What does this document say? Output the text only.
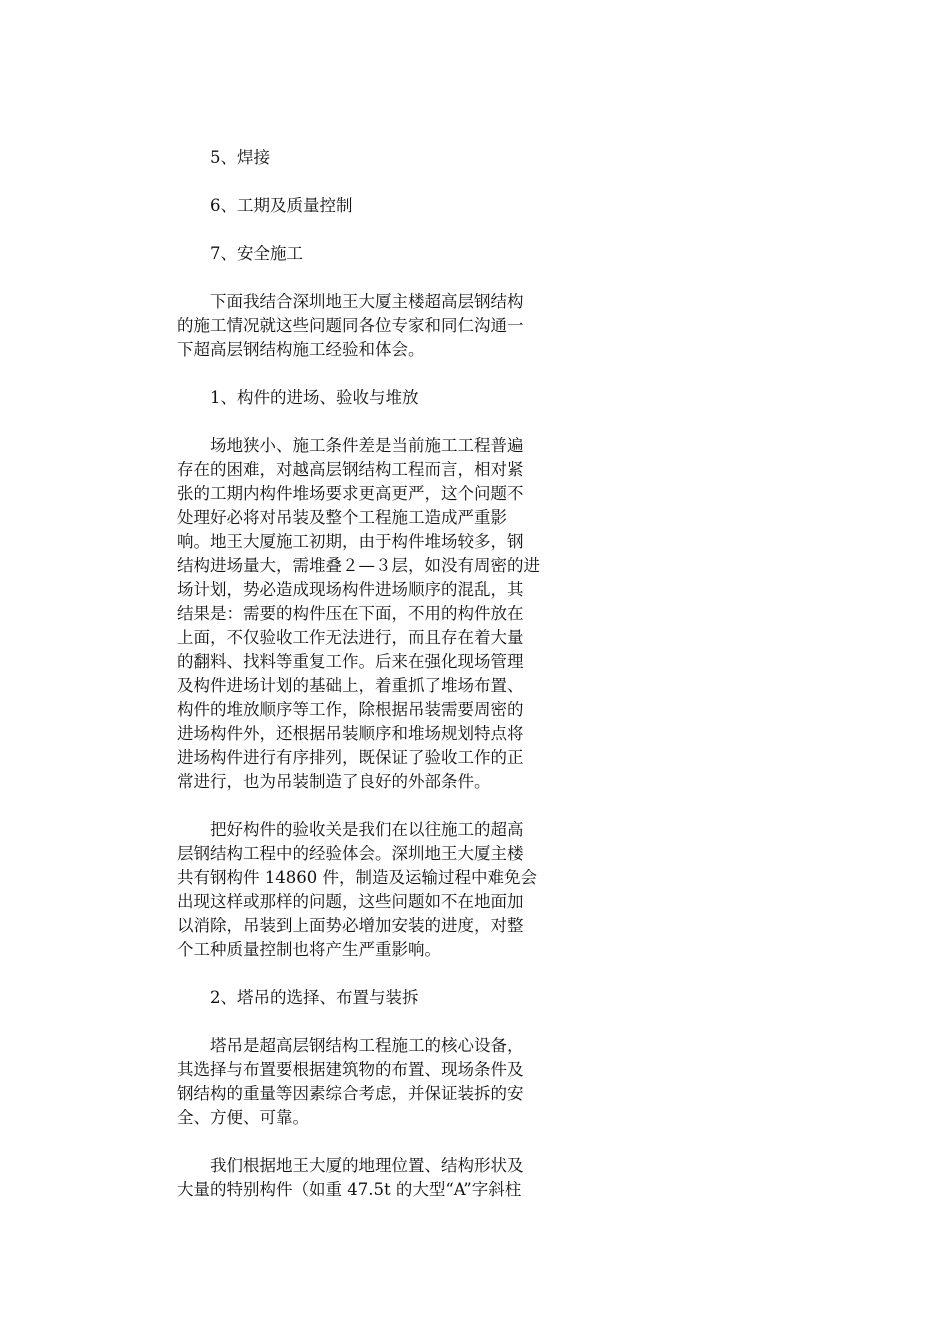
5、焊接

6、工期及质量控制

7、安全施工

下面我结合深圳地王大厦主楼超高层钢结构
的施工情况就这些问题同各位专家和同仁沟通一
下超高层钢结构施工经验和体会。

1、构件的进场、验收与堆放

场地狭小、施工条件差是当前施工工程普遍
存在的困难，对越高层钢结构工程而言，相对紧
张的工期内构件堆场要求更高更严，这个问题不
处理好必将对吊装及整个工程施工造成严重影
响。地王大厦施工初期，由于构件堆场较多，钢
结构进场量大，需堆叠２—３层，如没有周密的进
场计划，势必造成现场构件进场顺序的混乱，其
结果是：需要的构件压在下面，不用的构件放在
上面，不仅验收工作无法进行，而且存在着大量
的翻料、找料等重复工作。后来在强化现场管理
及构件进场计划的基础上，着重抓了堆场布置、
构件的堆放顺序等工作，除根据吊装需要周密的
进场构件外，还根据吊装顺序和堆场规划特点将
进场构件进行有序排列，既保证了验收工作的正
常进行，也为吊装制造了良好的外部条件。

把好构件的验收关是我们在以往施工的超高
层钢结构工程中的经验体会。深圳地王大厦主楼
共有钢构件 14860 件，制造及运输过程中难免会
出现这样或那样的问题，这些问题如不在地面加
以消除，吊装到上面势必增加安装的进度，对整
个工种质量控制也将产生严重影响。

2、塔吊的选择、布置与装拆

塔吊是超高层钢结构工程施工的核心设备，
其选择与布置要根据建筑物的布置、现场条件及
钢结构的重量等因素综合考虑，并保证装拆的安
全、方便、可靠。

我们根据地王大厦的地理位置、结构形状及
大量的特别构件（如重 47.5t 的大型“A”字斜柱
